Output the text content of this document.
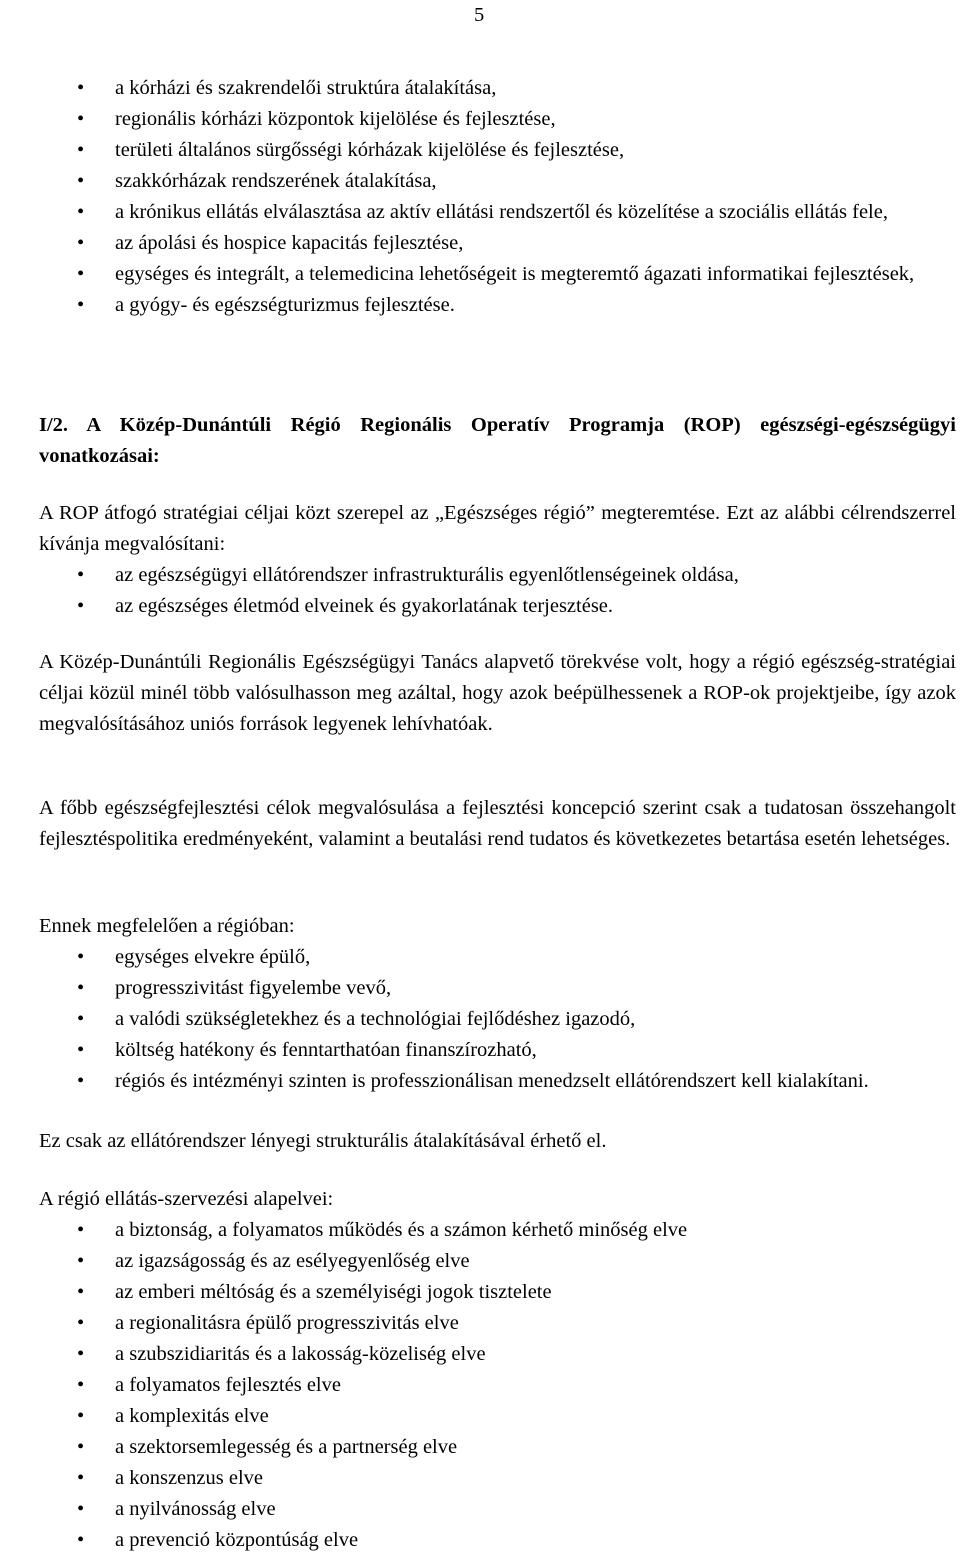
5
• a kórházi és szakrendelői struktúra átalakítása,
• regionális kórházi központok kijelölése és fejlesztése,
• területi általános sürgősségi kórházak kijelölése és fejlesztése,
• szakkórházak rendszerének átalakítása,
• a krónikus ellátás elválasztása az aktív ellátási rendszertől és közelítése a szociális ellátás fele,
• az ápolási és hospice kapacitás fejlesztése,
• egységes és integrált, a telemedicina lehetőségeit is megteremtő ágazati informatikai fejlesztések,
• a gyógy- és egészségturizmus fejlesztése.
I/2. A Közép-Dunántúli Régió Regionális Operatív Programja (ROP) egészségi-egészségügyi vonatkozásai:
A ROP átfogó stratégiai céljai közt szerepel az „Egészséges régió” megteremtése. Ezt az alábbi célrendszerrel kívánja megvalósítani:
• az egészségügyi ellátórendszer infrastrukturális egyenlőtlenségeinek oldása,
• az egészséges életmód elveinek és gyakorlatának terjesztése.
A Közép-Dunántúli Regionális Egészségügyi Tanács alapvető törekvése volt, hogy a régió egészség-stratégiai céljai közül minél több valósulhasson meg azáltal, hogy azok beépülhessenek a ROP-ok projektjeibe, így azok megvalósításához uniós források legyenek lehívhatóak.
A főbb egészségfejlesztési célok megvalósulása a fejlesztési koncepció szerint csak a tudatosan összehangolt fejlesztéspolitika eredményeként, valamint a beutalási rend tudatos és következetes betartása esetén lehetséges.
Ennek megfelelően a régióban:
• egységes elvekre épülő,
• progresszivitást figyelembe vevő,
• a valódi szükségletekhez és a technológiai fejlődéshez igazodó,
• költség hatékony és fenntarthatóan finanszírozható,
• régiós és intézményi szinten is professzionálisan menedzselt ellátórendszert kell kialakítani.
Ez csak az ellátórendszer lényegi strukturális átalakításával érhető el.
A régió ellátás-szervezési alapelvei:
• a biztonság, a folyamatos működés és a számon kérhető minőség elve
• az igazságosság és az esélyegyenlőség elve
• az emberi méltóság és a személyiségi jogok tisztelete
• a regionalitásra épülő progresszivitás elve
• a szubszidiaritás és a lakosság-közeliség elve
• a folyamatos fejlesztés elve
• a komplexitás elve
• a szektorsemlegesség és a partnerség elve
• a konszenzus elve
• a nyilvánosság elve
• a prevenció központúság elve
